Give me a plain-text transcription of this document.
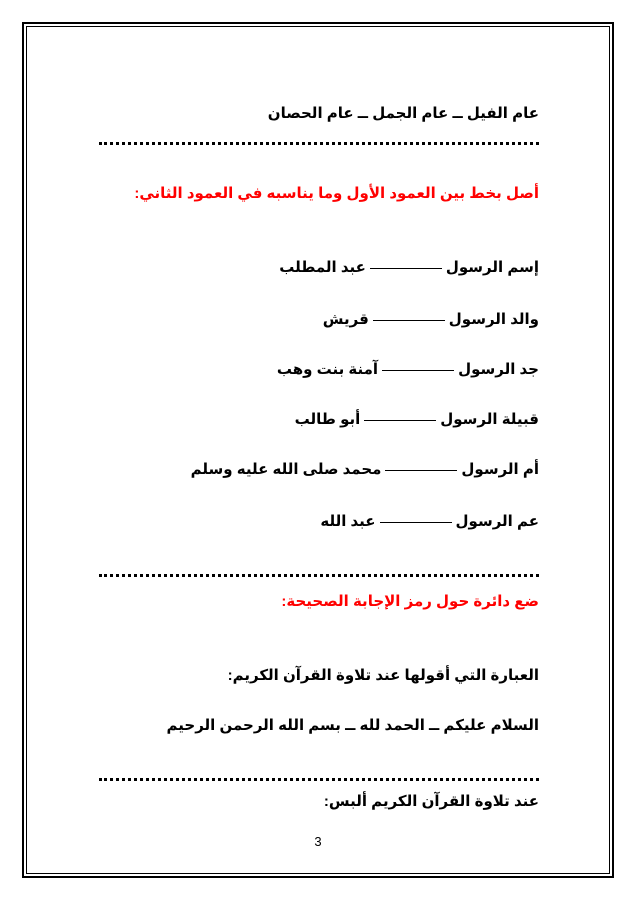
عام الفيل ــ عام الجمل ــ عام الحصان
أصل بخط بين العمود الأول وما يناسبه في العمود الثاني:
إسم الرسولعبد المطلب
والد الرسولقريش
جد الرسولآمنة بنت وهب
قبيلة الرسولأبو طالب
أم الرسولمحمد صلى الله عليه وسلم
عم الرسولعبد الله
ضع دائرة حول رمز الإجابة الصحيحة:
العبارة التي أقولها عند تلاوة القرآن الكريم:
السلام عليكم ــ الحمد لله ــ بسم الله الرحمن الرحيم
عند تلاوة القرآن الكريم ألبس:
3
